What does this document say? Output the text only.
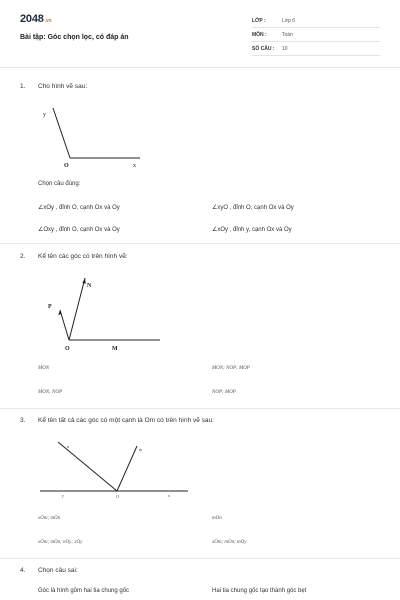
2048.vn
Bài tập: Góc chọn lọc, có đáp án
LỚP :	Lớp 6
MÔN :	Toán
SỐ CÂU :	10
1. Cho hình vẽ sau:
y
O	x
Chọn câu đúng:
∠xOy , đỉnh O, cạnh Ox và Oy	∠xyO , đỉnh O, cạnh Ox và Oy
∠Oxy , đỉnh O, cạnh Ox và Oy	∠xOy , đỉnh y, cạnh Ox và Oy
2. Kể tên các góc có trên hình vẽ:
P
N
O	M
MON	MON; NOP; MOP
MON; NOP	NOP; MOP
3. Kể tên tất cả các góc có một cạnh là Om có trên hình vẽ sau:
n
m
y	O	x
xOm; mOn	mOn
xOm; mOn; nOy; xOy	xOm; mOn; mOy
4. Chọn câu sai:
Góc là hình gồm hai tia chung gốc	Hai tia chung gốc tạo thành góc bẹt
